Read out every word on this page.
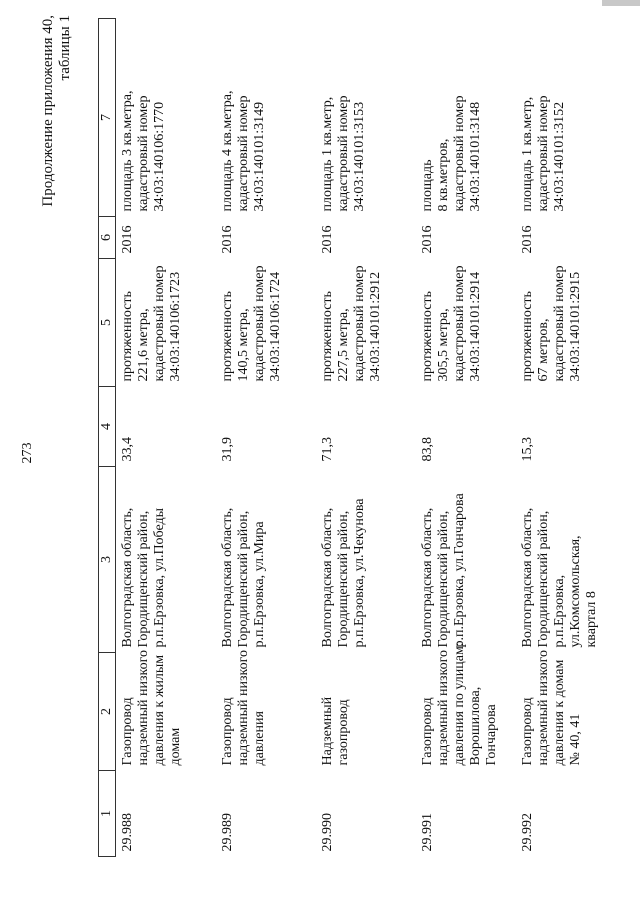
273
Продолжение приложения 40, таблицы 1
1	2	3	4	5	6	7
29.988	Газопровод надземный низкого давления к жилым домам	Волгоградская область, Городищенский район, р.п.Ерзовка, ул.Победы	33,4	протяженность 221,6 метра, кадастровый номер 34:03:140106:1723	2016	площадь 3 кв.метра, кадастровый номер 34:03:140106:1770

29.989	Газопровод надземный низкого давления	Волгоградская область, Городищенский район, р.п.Ерзовка, ул.Мира	31,9	протяженность 140,5 метра, кадастровый номер 34:03:140106:1724	2016	площадь 4 кв.метра, кадастровый номер 34:03:140101:3149

29.990	Надземный газопровод	Волгоградская область, Городищенский район, р.п.Ерзовка, ул.Чекунова	71,3	протяженность 227,5 метра, кадастровый номер 34:03:140101:2912	2016	площадь 1 кв.метр, кадастровый номер 34:03:140101:3153

29.991	Газопровод надземный низкого давления по улицам: Ворошилова, Гончарова	Волгоградская область, Городищенский район, р.п.Ерзовка, ул.Гончарова	83,8	протяженность 305,5 метра, кадастровый номер 34:03:140101:2914	2016	площадь 8 кв.метров, кадастровый номер 34:03:140101:3148

29.992	Газопровод надземный низкого давления к домам № 40, 41	Волгоградская область, Городищенский район, р.п.Ерзовка, ул.Комсомольская, квартал 8	15,3	протяженность 67 метров, кадастровый номер 34:03:140101:2915	2016	площадь 1 кв.метр, кадастровый номер 34:03:140101:3152
